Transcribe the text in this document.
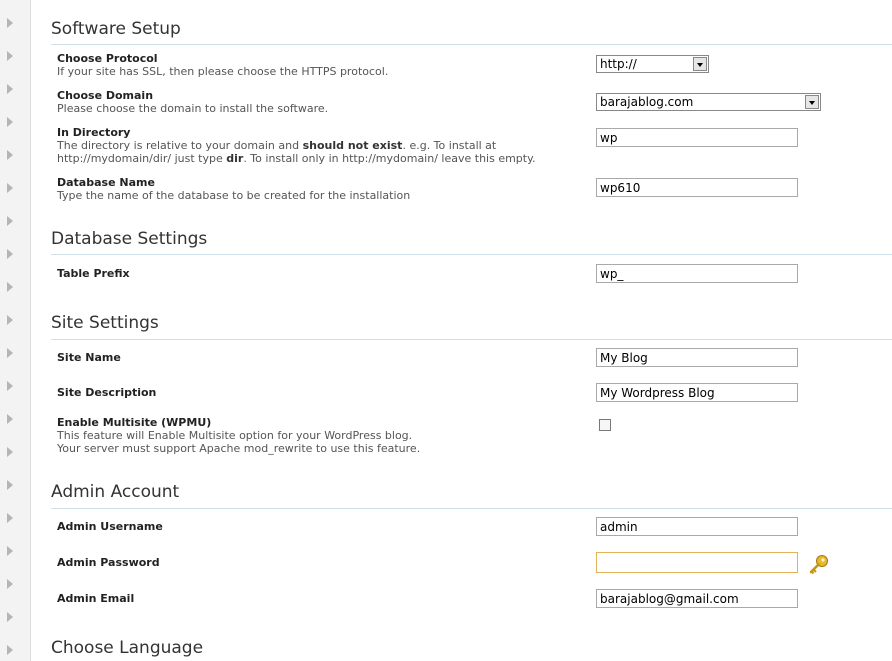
Software Setup
Choose Protocol
If your site has SSL, then please choose the HTTPS protocol.
http://
Choose Domain
Please choose the domain to install the software.	barajablog.com
In Directory
The directory is relative to your domain and should not exist. e.g. To install at
http://mydomain/dir/ just type dir. To install only in http://mydomain/ leave this empty.
wp
Database Name
Type the name of the database to be created for the installation
wp610
Database Settings
Table Prefix
wp_
Site Settings
Site Name
My Blog
Site Description
My Wordpress Blog
Enable Multisite (WPMU)
This feature will Enable Multisite option for your WordPress blog.
Your server must support Apache mod_rewrite to use this feature.
Admin Account
Admin Username
admin
Admin Password
Admin Email
barajablog@gmail.com
Choose Language
